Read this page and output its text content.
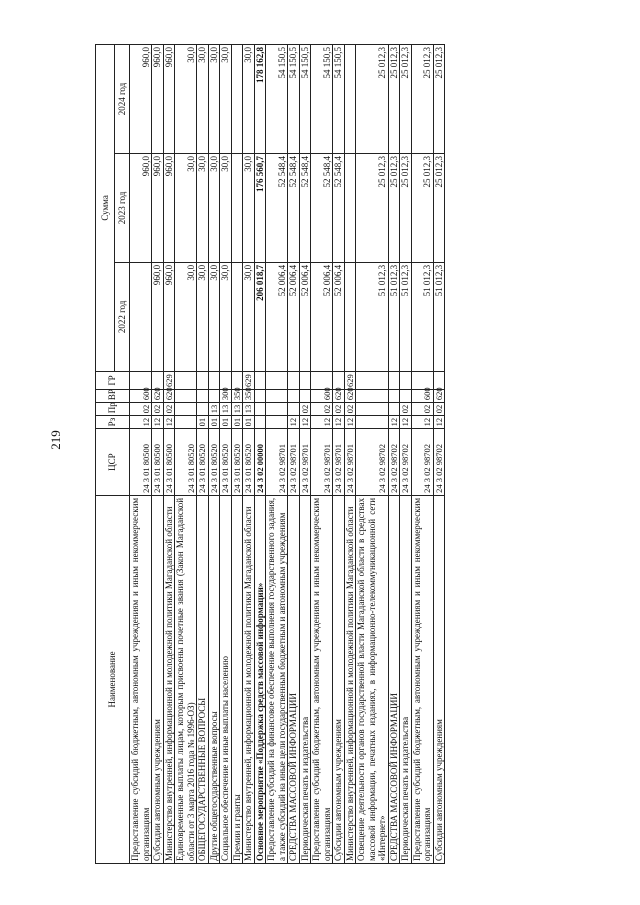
219
Наименование	ЦСР	Рз	Пр	ВР	ГР	Сумма		
						2022 год	2023 год	2024 год
Предоставление субсидий бюджетным, автономным учреждениям и иным некоммерческим организациям	24 3 01 80500	12	02	600			960,0	960,0
Субсидии автономным учреждениям	24 3 01 80500	12	02	620		960,0	960,0	960,0
Министерство внутренней, информационной и молодежной политики Магаданской области	24 3 01 80500	12	02	620	629	960,0	960,0	960,0
Единовременные выплаты лицам, которым присвоены почетные звания (Закон Магаданской области от 3 марта 2016 года № 1996-ОЗ)	24 3 01 80520					30,0	30,0	30,0
ОБЩЕГОСУДАРСТВЕННЫЕ ВОПРОСЫ	24 3 01 80520	01				30,0	30,0	30,0
Другие общегосударственные вопросы	24 3 01 80520	01	13			30,0	30,0	30,0
Социальное обеспечение и иные выплаты населению	24 3 01 80520	01	13	300		30,0	30,0	30,0
Премии и гранты	24 3 01 80520	01	13	350				
Министерство внутренней, информационной и молодежной политики Магаданской области	24 3 01 80520	01	13	350	629	30,0	30,0	30,0
Основное мероприятие «Поддержка средств массовой информации»	24 3 02 00000					206 018,7	176 560,7	178 162,8
Предоставление субсидий на финансовое обеспечение выполнения государственного задания, а также субсидий на иные цели государственным бюджетным и автономным учреждениям	24 3 02 98701					52 006,4	52 548,4	54 150,5
СРЕДСТВА МАССОВОЙ ИНФОРМАЦИИ	24 3 02 98701	12				52 006,4	52 548,4	54 150,5
Периодическая печать и издательства	24 3 02 98701	12	02			52 006,4	52 548,4	54 150,5
Предоставление субсидий бюджетным, автономным учреждениям и иным некоммерческим организациям	24 3 02 98701	12	02	600		52 006,4	52 548,4	54 150,5
Субсидии автономным учреждениям	24 3 02 98701	12	02	620		52 006,4	52 548,4	54 150,5
Министерство внутренней, информационной и молодежной политики Магаданской области	24 3 02 98701	12	02	620	629			
Освещение деятельности органов государственной власти Магаданской области в средствах массовой информации, печатных изданиях, в информационно-телекоммуникационной сети «Интернет»	24 3 02 98702					51 012,3	25 012,3	25 012,3
СРЕДСТВА МАССОВОЙ ИНФОРМАЦИИ	24 3 02 98702	12				51 012,3	25 012,3	25 012,3
Периодическая печать и издательства	24 3 02 98702	12	02			51 012,3	25 012,3	25 012,3
Предоставление субсидий бюджетным, автономным учреждениям и иным некоммерческим организациям	24 3 02 98702	12	02	600		51 012,3	25 012,3	25 012,3
Субсидии автономным учреждениям	24 3 02 98702	12	02	620		51 012,3	25 012,3	25 012,3
